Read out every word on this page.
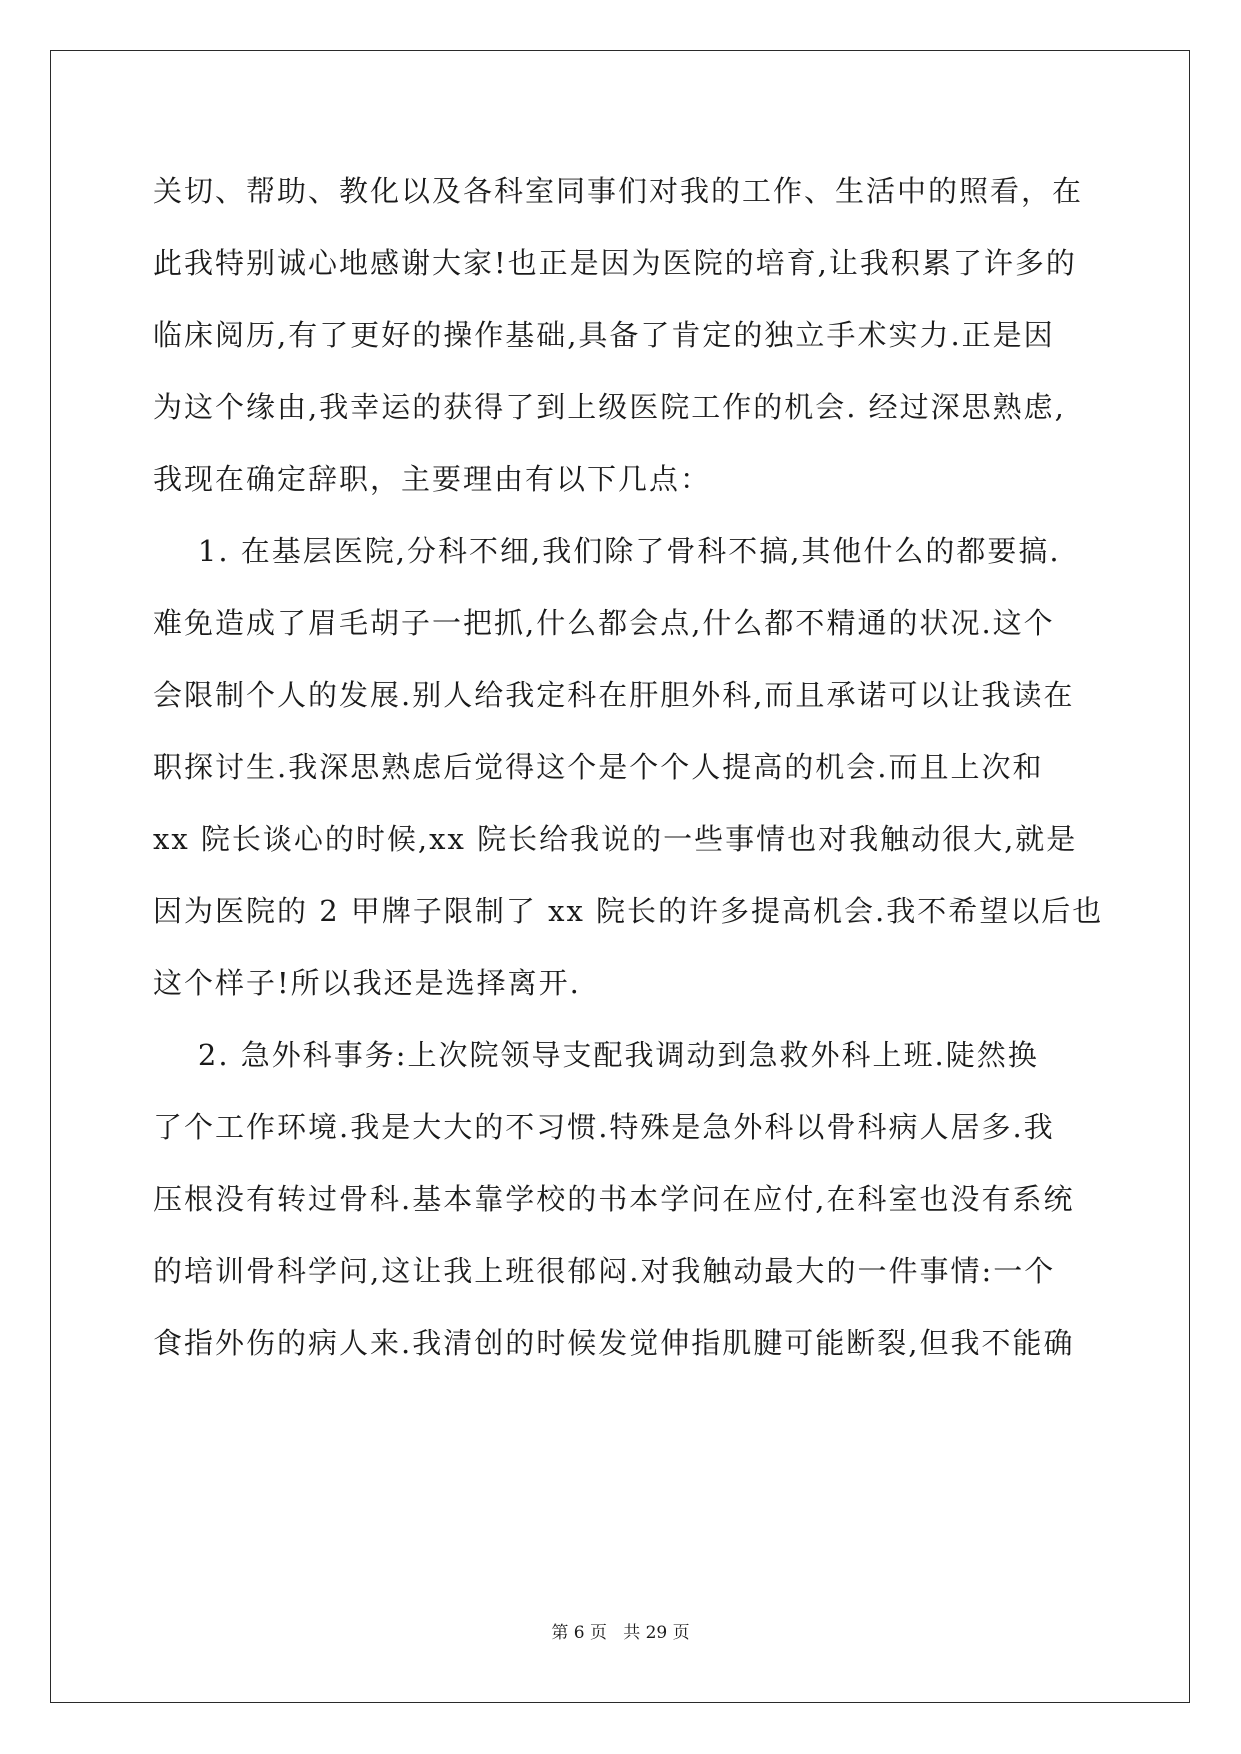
关切、帮助、教化以及各科室同事们对我的工作、生活中的照看，在
此我特别诚心地感谢大家!也正是因为医院的培育,让我积累了许多的
临床阅历,有了更好的操作基础,具备了肯定的独立手术实力.正是因
为这个缘由,我幸运的获得了到上级医院工作的机会. 经过深思熟虑,
我现在确定辞职，主要理由有以下几点：

1. 在基层医院,分科不细,我们除了骨科不搞,其他什么的都要搞.
难免造成了眉毛胡子一把抓,什么都会点,什么都不精通的状况.这个
会限制个人的发展.别人给我定科在肝胆外科,而且承诺可以让我读在
职探讨生.我深思熟虑后觉得这个是个个人提高的机会.而且上次和
xx 院长谈心的时候,xx 院长给我说的一些事情也对我触动很大,就是
因为医院的 2 甲牌子限制了 xx 院长的许多提高机会.我不希望以后也
这个样子!所以我还是选择离开.

2. 急外科事务:上次院领导支配我调动到急救外科上班.陡然换
了个工作环境.我是大大的不习惯.特殊是急外科以骨科病人居多.我
压根没有转过骨科.基本靠学校的书本学问在应付,在科室也没有系统
的培训骨科学问,这让我上班很郁闷.对我触动最大的一件事情:一个
食指外伤的病人来.我清创的时候发觉伸指肌腱可能断裂,但我不能确

第 6 页 共 29 页
